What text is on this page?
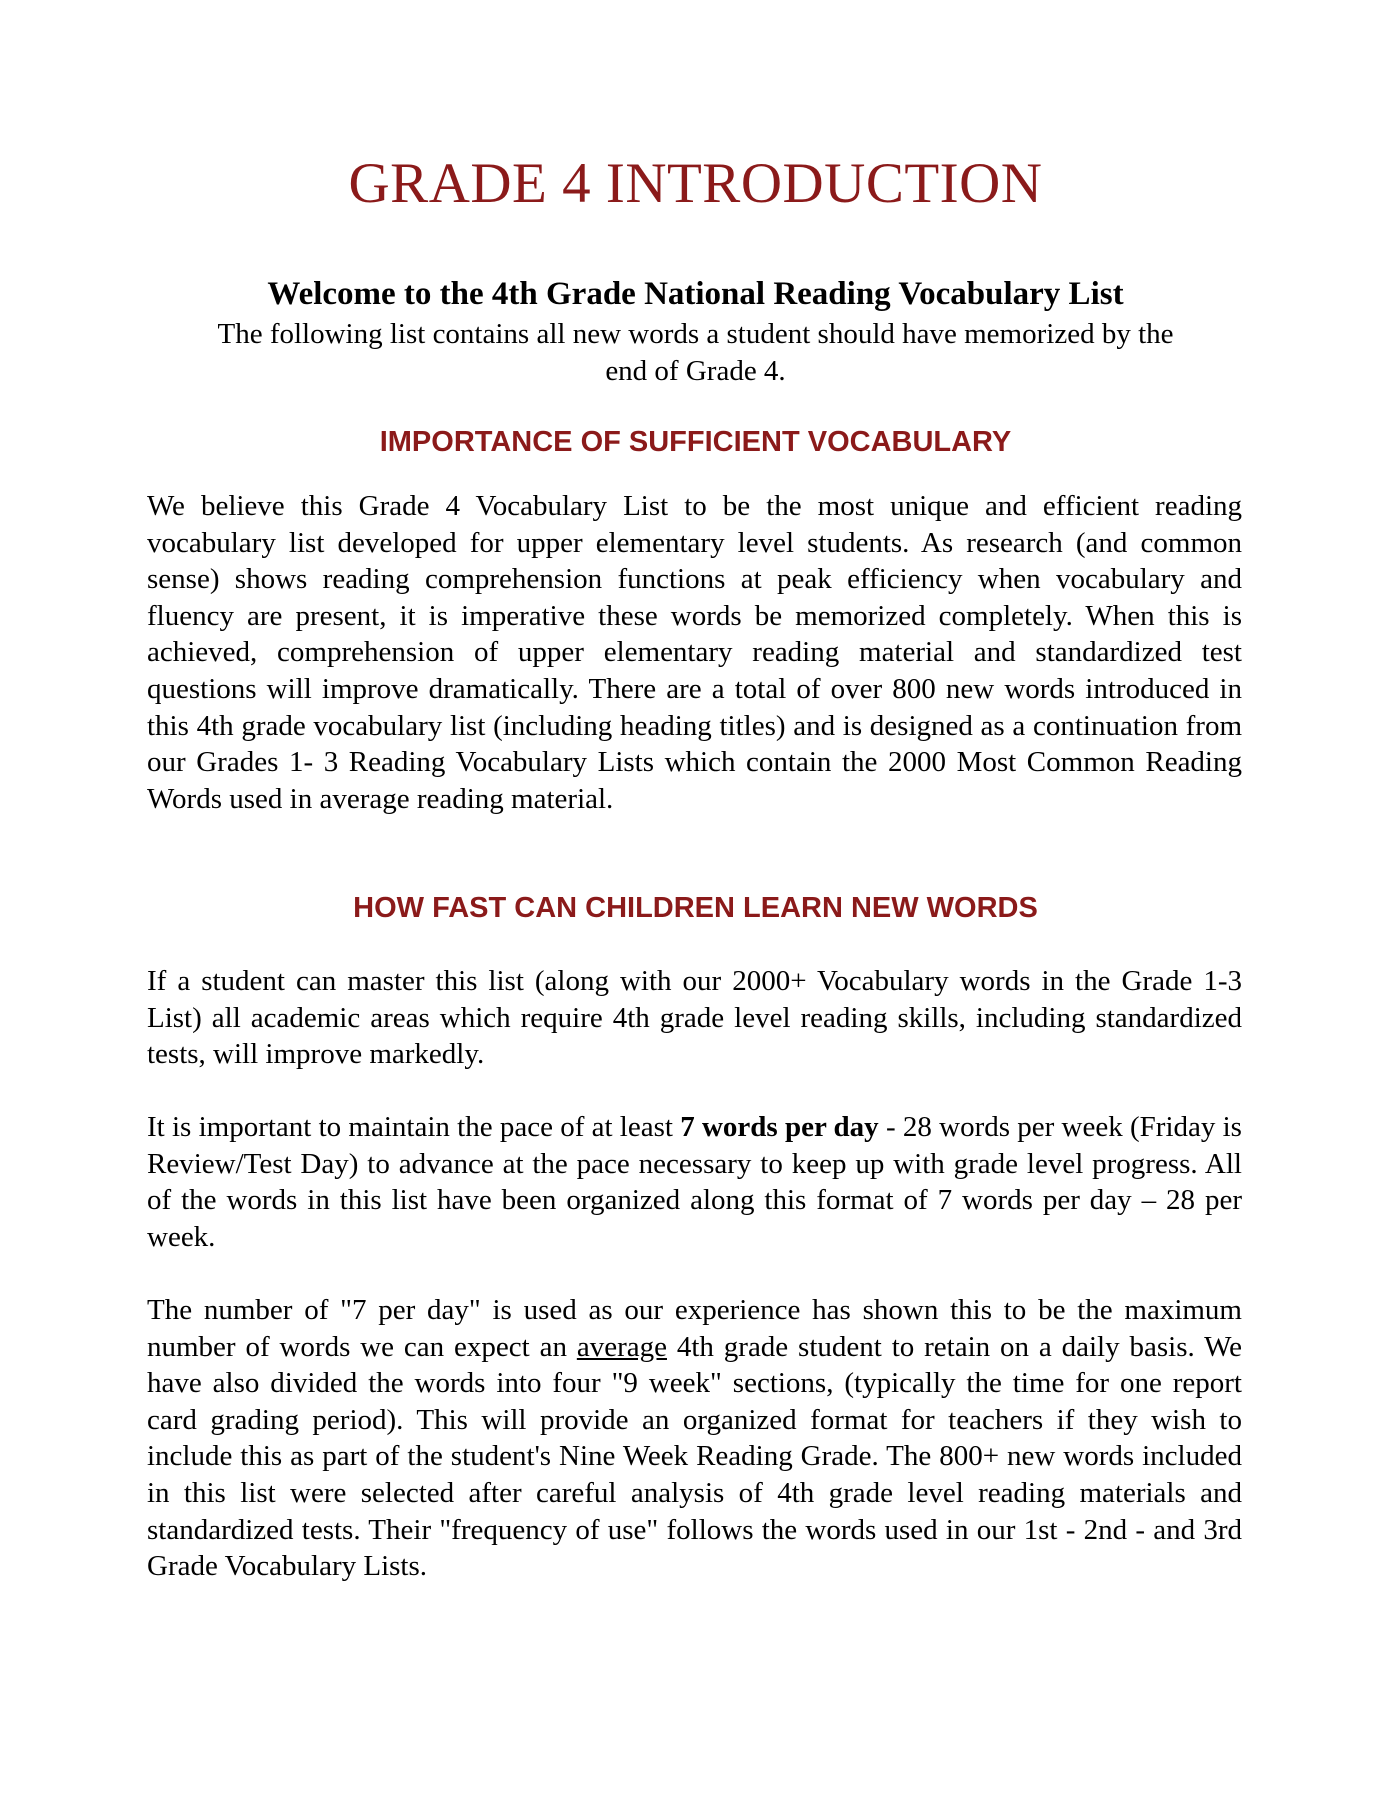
GRADE 4 INTRODUCTION
Welcome to the 4th Grade National Reading Vocabulary List

The following list contains all new words a student should have memorized by the end of Grade 4.

IMPORTANCE OF SUFFICIENT VOCABULARY

We believe this Grade 4 Vocabulary List to be the most unique and efficient reading vocabulary list developed for upper elementary level students. As research (and common sense) shows reading comprehension functions at peak efficiency when vocabulary and fluency are present, it is imperative these words be memorized completely. When this is achieved, comprehension of upper elementary reading material and standardized test questions will improve dramatically. There are a total of over 800 new words introduced in this 4th grade vocabulary list (including heading titles) and is designed as a continuation from our Grades 1- 3 Reading Vocabulary Lists which contain the 2000 Most Common Reading Words used in average reading material.

HOW FAST CAN CHILDREN LEARN NEW WORDS

If a student can master this list (along with our 2000+ Vocabulary words in the Grade 1-3 List) all academic areas which require 4th grade level reading skills, including standardized tests, will improve markedly.

It is important to maintain the pace of at least 7 words per day - 28 words per week (Friday is Review/Test Day) to advance at the pace necessary to keep up with grade level progress. All of the words in this list have been organized along this format of 7 words per day – 28 per week.

The number of "7 per day" is used as our experience has shown this to be the maximum number of words we can expect an average 4th grade student to retain on a daily basis. We have also divided the words into four "9 week" sections, (typically the time for one report card grading period). This will provide an organized format for teachers if they wish to include this as part of the student's Nine Week Reading Grade. The 800+ new words included in this list were selected after careful analysis of 4th grade level reading materials and standardized tests. Their "frequency of use" follows the words used in our 1st - 2nd - and 3rd Grade Vocabulary Lists.
